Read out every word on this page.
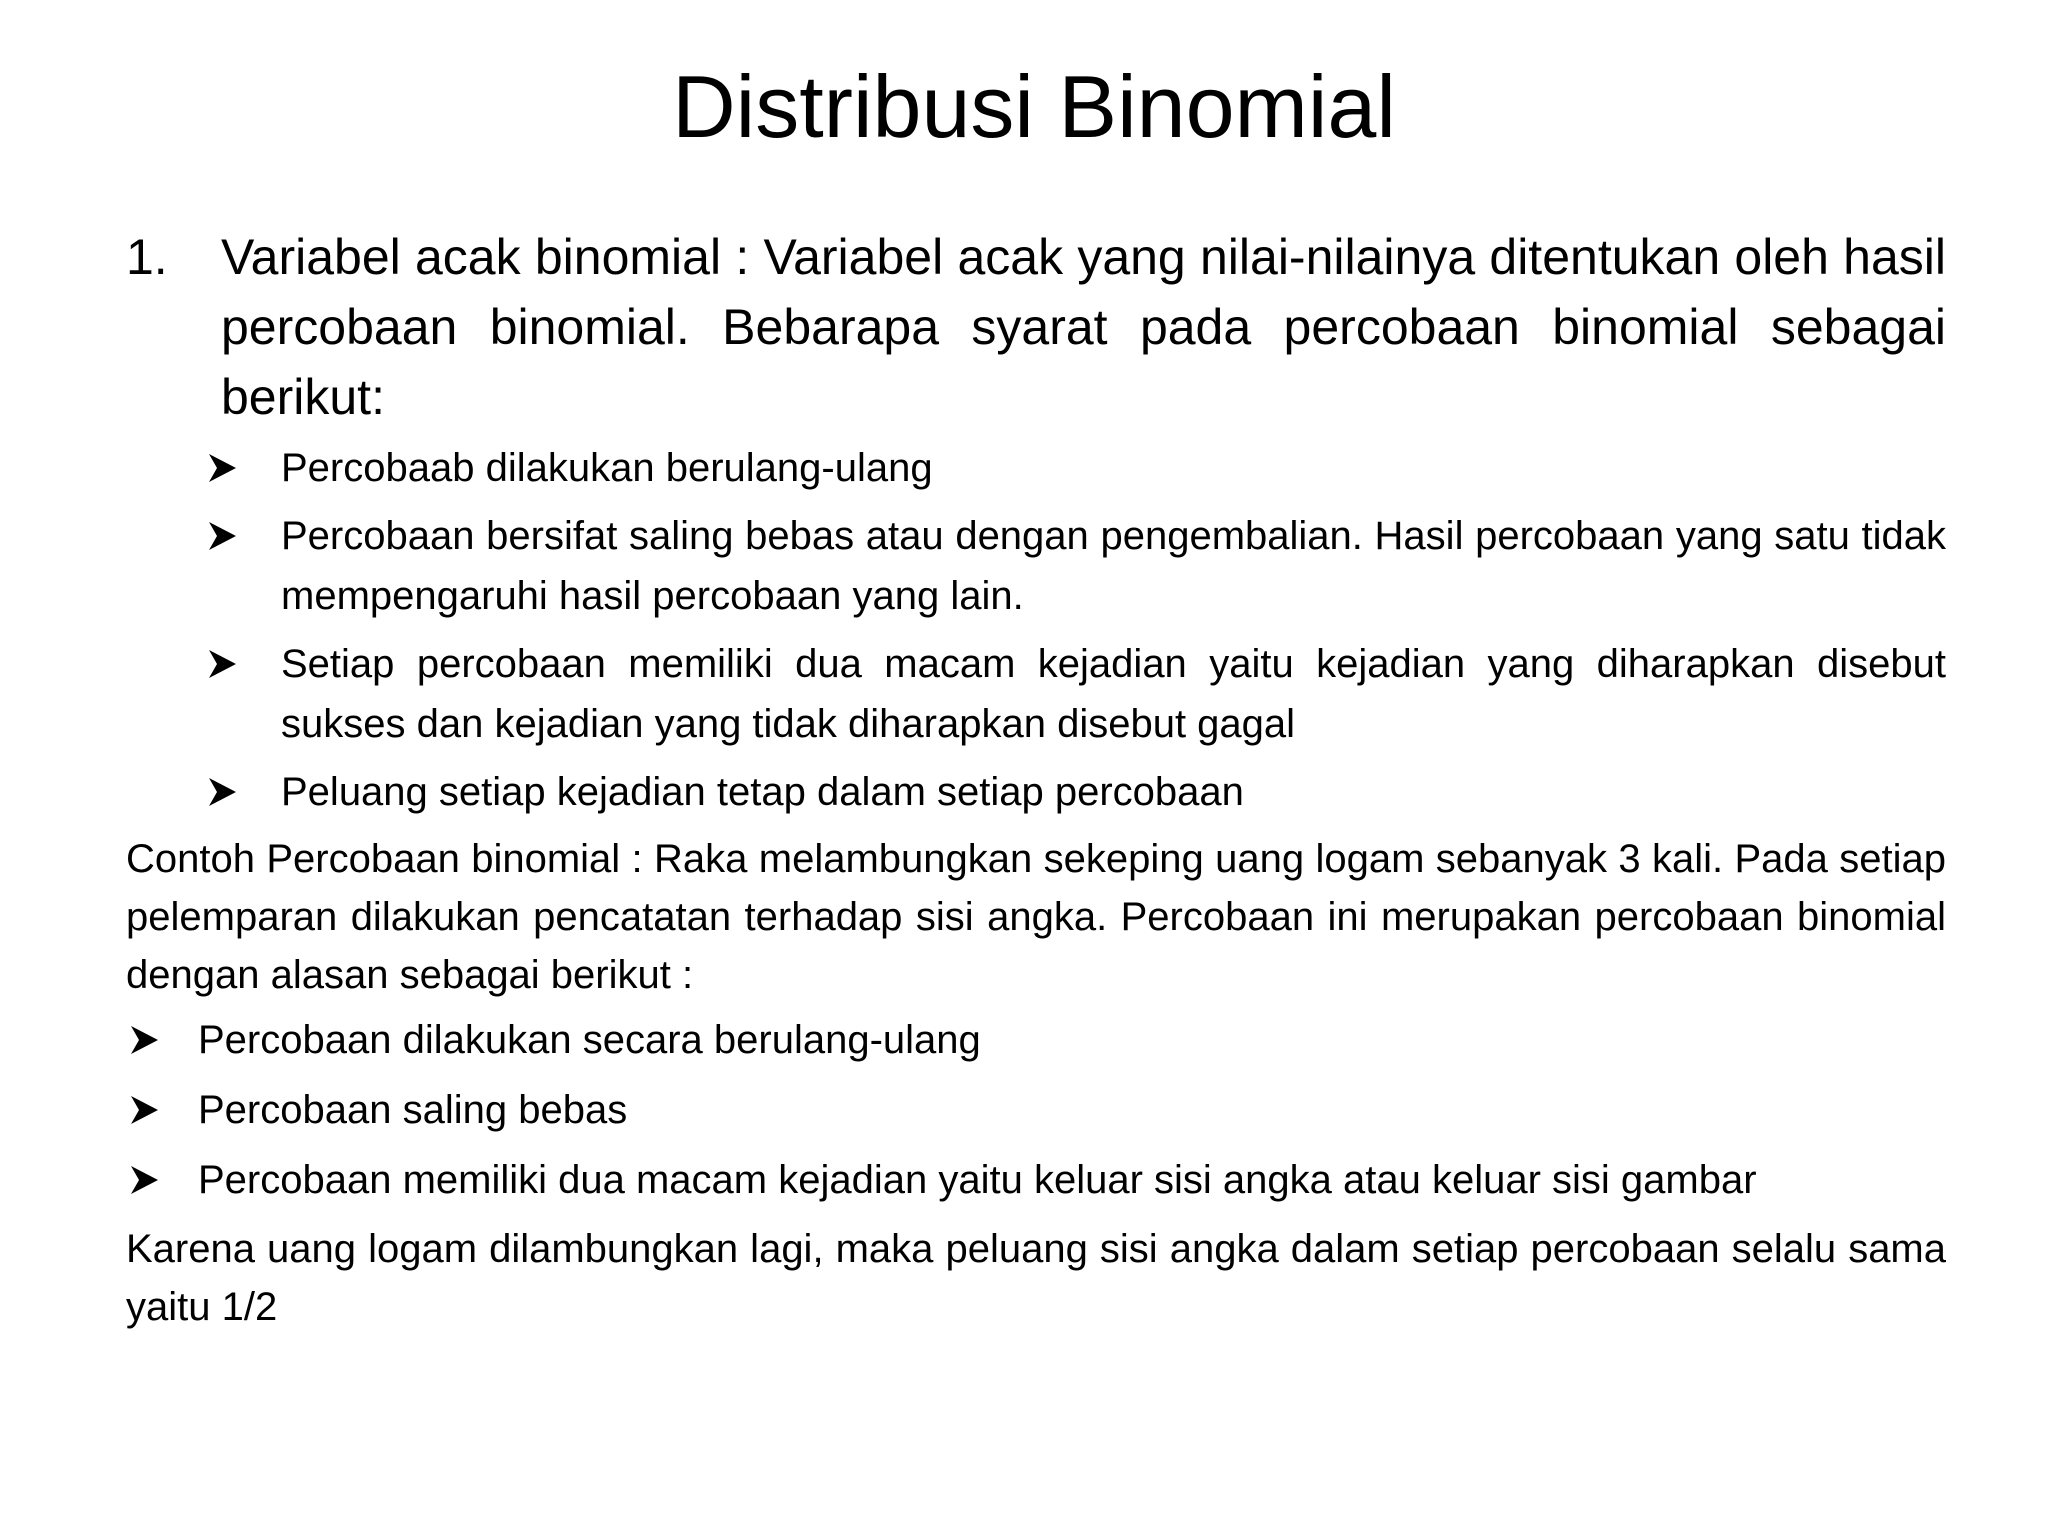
Distribusi Binomial
1. Variabel acak binomial : Variabel acak yang nilai-nilainya ditentukan oleh hasil percobaan binomial. Bebarapa syarat pada percobaan binomial sebagai berikut:
Percobaab dilakukan berulang-ulang
Percobaan bersifat saling bebas atau dengan pengembalian. Hasil percobaan yang satu tidak mempengaruhi hasil percobaan yang lain.
Setiap percobaan memiliki dua macam kejadian yaitu kejadian yang diharapkan disebut sukses dan kejadian yang tidak diharapkan disebut gagal
Peluang setiap kejadian tetap dalam setiap percobaan
Contoh Percobaan binomial : Raka melambungkan sekeping uang logam sebanyak 3 kali. Pada setiap pelemparan dilakukan pencatatan terhadap sisi angka. Percobaan ini merupakan percobaan binomial dengan alasan sebagai berikut :
Percobaan dilakukan secara berulang-ulang
Percobaan saling bebas
Percobaan memiliki dua macam kejadian yaitu keluar sisi angka atau keluar sisi gambar
Karena uang logam dilambungkan lagi, maka peluang sisi angka dalam setiap percobaan selalu sama yaitu 1/2
